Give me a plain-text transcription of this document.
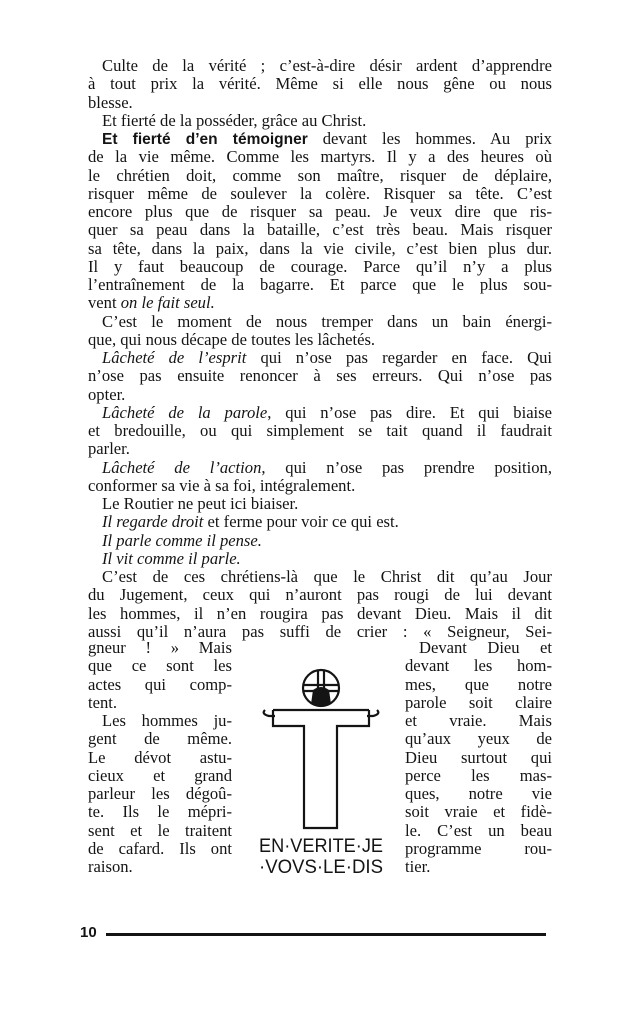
Culte de la vérité ; c’est-à-dire désir ardent d’apprendre
à tout prix la vérité. Même si elle nous gêne ou nous
blesse.
Et fierté de la posséder, grâce au Christ.
Et fierté d’en témoigner devant les hommes. Au prix
de la vie même. Comme les martyrs. Il y a des heures où
le chrétien doit, comme son maître, risquer de déplaire,
risquer même de soulever la colère. Risquer sa tête. C’est
encore plus que de risquer sa peau. Je veux dire que ris-
quer sa peau dans la bataille, c’est très beau. Mais risquer
sa tête, dans la paix, dans la vie civile, c’est bien plus dur.
Il y faut beaucoup de courage. Parce qu’il n’y a plus
l’entraînement de la bagarre. Et parce que le plus sou-
vent on le fait seul.
C’est le moment de nous tremper dans un bain énergi-
que, qui nous décape de toutes les lâchetés.
Lâcheté de l’esprit qui n’ose pas regarder en face. Qui
n’ose pas ensuite renoncer à ses erreurs. Qui n’ose pas
opter.
Lâcheté de la parole, qui n’ose pas dire. Et qui biaise
et bredouille, ou qui simplement se tait quand il faudrait
parler.
Lâcheté de l’action, qui n’ose pas prendre position,
conformer sa vie à sa foi, intégralement.
Le Routier ne peut ici biaiser.
Il regarde droit et ferme pour voir ce qui est.
Il parle comme il pense.
Il vit comme il parle.
C’est de ces chrétiens-là que le Christ dit qu’au Jour
du Jugement, ceux qui n’auront pas rougi de lui devant
les hommes, il n’en rougira pas devant Dieu. Mais il dit
aussi qu’il n’aura pas suffi de crier : « Seigneur, Sei-
gneur ! » Mais
que ce sont les
actes qui comp-
tent.
Les hommes ju-
gent de même.
Le dévot astu-
cieux et grand
parleur les dégoû-
te. Ils le mépri-
sent et le traitent
de cafard. Ils ont
raison.
EN·VERITE·JE
·VOVS·LE·DIS
Devant Dieu et
devant les hom-
mes, que notre
parole soit claire
et vraie. Mais
qu’aux yeux de
Dieu surtout qui
perce les mas-
ques, notre vie
soit vraie et fidè-
le. C’est un beau
programme rou-
tier.
10
